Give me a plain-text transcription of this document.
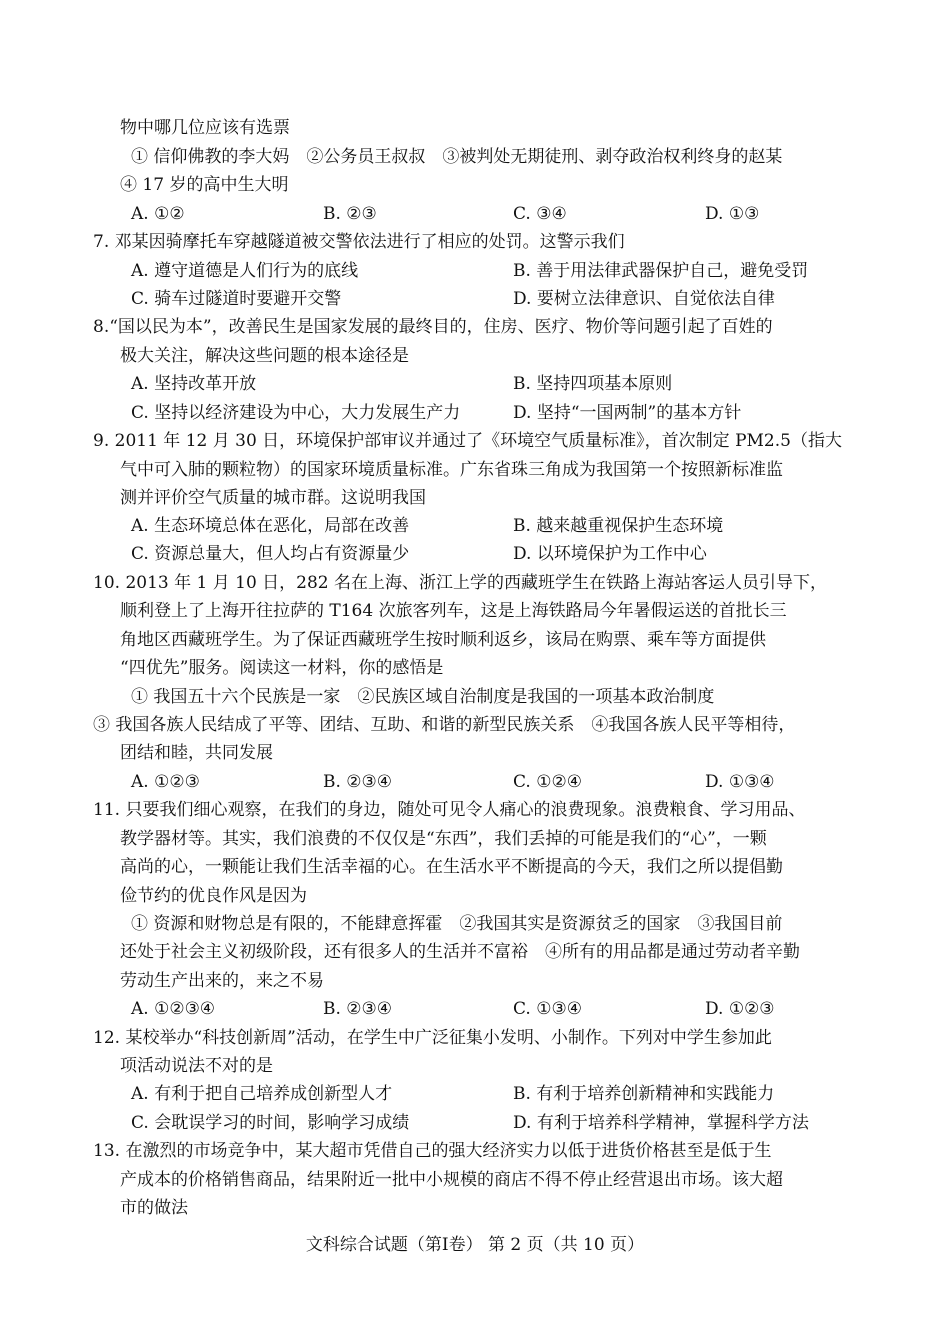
物中哪几位应该有选票
① 信仰佛教的李大妈　②公务员王叔叔　③被判处无期徒刑、剥夺政治权利终身的赵某
④ 17 岁的高中生大明
A. ①②	B. ②③	C. ③④	D. ①③
7. 邓某因骑摩托车穿越隧道被交警依法进行了相应的处罚。这警示我们
A. 遵守道德是人们行为的底线	B. 善于用法律武器保护自己，避免受罚
C. 骑车过隧道时要避开交警	D. 要树立法律意识、自觉依法自律
8.“国以民为本”，改善民生是国家发展的最终目的，住房、医疗、物价等问题引起了百姓的
极大关注，解决这些问题的根本途径是
A. 坚持改革开放	B. 坚持四项基本原则
C. 坚持以经济建设为中心，大力发展生产力	D. 坚持“一国两制”的基本方针
9. 2011 年 12 月 30 日，环境保护部审议并通过了《环境空气质量标准》，首次制定 PM2.5（指大
气中可入肺的颗粒物）的国家环境质量标准。广东省珠三角成为我国第一个按照新标准监
测并评价空气质量的城市群。这说明我国
A. 生态环境总体在恶化，局部在改善	B. 越来越重视保护生态环境
C. 资源总量大，但人均占有资源量少	D. 以环境保护为工作中心
10. 2013 年 1 月 10 日，282 名在上海、浙江上学的西藏班学生在铁路上海站客运人员引导下，
顺利登上了上海开往拉萨的 T164 次旅客列车，这是上海铁路局今年暑假运送的首批长三
角地区西藏班学生。为了保证西藏班学生按时顺利返乡，该局在购票、乘车等方面提供
“四优先”服务。阅读这一材料，你的感悟是
① 我国五十六个民族是一家　②民族区域自治制度是我国的一项基本政治制度
③ 我国各族人民结成了平等、团结、互助、和谐的新型民族关系　④我国各族人民平等相待，
团结和睦，共同发展
A. ①②③	B. ②③④	C. ①②④	D. ①③④
11. 只要我们细心观察，在我们的身边，随处可见令人痛心的浪费现象。浪费粮食、学习用品、
教学器材等。其实，我们浪费的不仅仅是“东西”，我们丢掉的可能是我们的“心”，一颗
高尚的心，一颗能让我们生活幸福的心。在生活水平不断提高的今天，我们之所以提倡勤
俭节约的优良作风是因为
① 资源和财物总是有限的，不能肆意挥霍　②我国其实是资源贫乏的国家　③我国目前
还处于社会主义初级阶段，还有很多人的生活并不富裕　④所有的用品都是通过劳动者辛勤
劳动生产出来的，来之不易
A. ①②③④	B. ②③④	C. ①③④	D. ①②③
12. 某校举办“科技创新周”活动，在学生中广泛征集小发明、小制作。下列对中学生参加此
项活动说法不对的是
A. 有利于把自己培养成创新型人才	B. 有利于培养创新精神和实践能力
C. 会耽误学习的时间，影响学习成绩	D. 有利于培养科学精神，掌握科学方法
13. 在激烈的市场竞争中，某大超市凭借自己的强大经济实力以低于进货价格甚至是低于生
产成本的价格销售商品，结果附近一批中小规模的商店不得不停止经营退出市场。该大超
市的做法
文科综合试题（第Ⅰ卷） 第 2 页（共 10 页）
